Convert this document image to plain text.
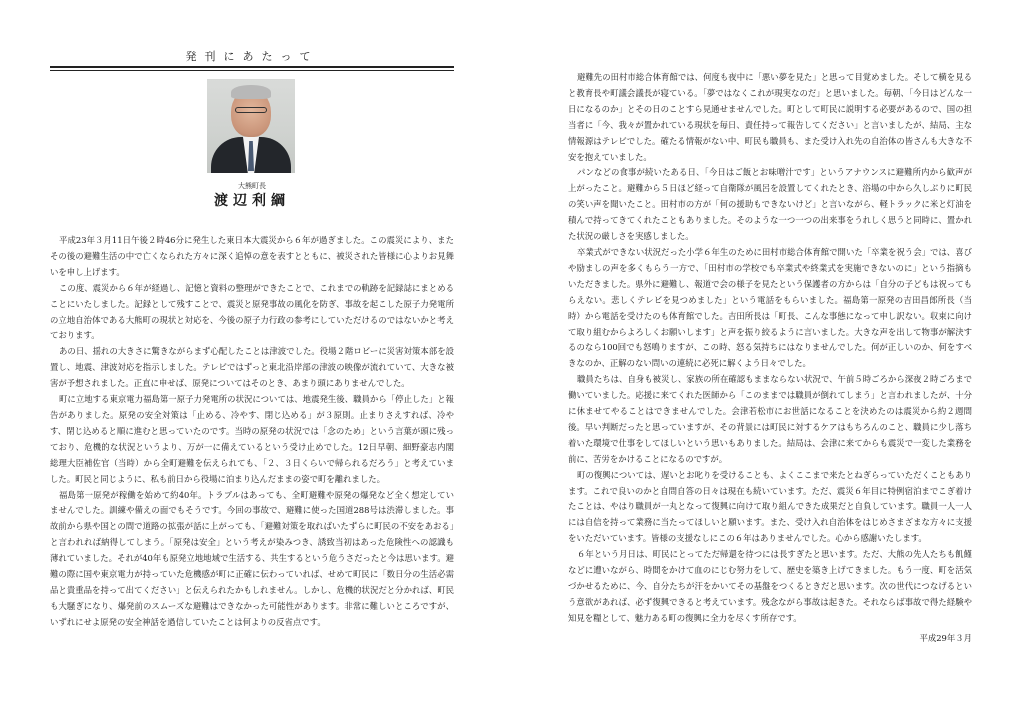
発刊にあたって
大熊町長
渡辺利綱

平成23年３月11日午後２時46分に発生した東日本大震災から６年が過ぎました。この震災により、またその後の避難生活の中で亡くなられた方々に深く追悼の意を表すとともに、被災された皆様に心よりお見舞いを申し上げます。

この度、震災から６年が経過し、記憶と資料の整理ができたことで、これまでの軌跡を記録誌にまとめることにいたしました。記録として残すことで、震災と原発事故の風化を防ぎ、事故を起こした原子力発電所の立地自治体である大熊町の現状と対応を、今後の原子力行政の参考にしていただけるのではないかと考えております。

あの日、揺れの大きさに驚きながらまず心配したことは津波でした。役場２階ロビーに災害対策本部を設置し、地震、津波対応を指示しました。テレビではずっと東北沿岸部の津波の映像が流れていて、大きな被害が予想されました。正直に申せば、原発についてはそのとき、あまり頭にありませんでした。

町に立地する東京電力福島第一原子力発電所の状況については、地震発生後、職員から「停止した」と報告がありました。原発の安全対策は「止める、冷やす、閉じ込める」が３原則。止まりさえすれば、冷やす、閉じ込めると順に進むと思っていたのです。当時の原発の状況では「念のため」という言葉が頭に残っており、危機的な状況というより、万が一に備えているという受け止めでした。12日早朝、細野豪志内閣総理大臣補佐官（当時）から全町避難を伝えられても、「２、３日くらいで帰られるだろう」と考えていました。町民と同じように、私も前日から役場に泊まり込んだままの姿で町を離れました。

福島第一原発が稼働を始めて約40年。トラブルはあっても、全町避難や原発の爆発など全く想定していませんでした。訓練や備えの面でもそうです。今回の事故で、避難に使った国道288号は渋滞しました。事故前から県や国との間で道路の拡張が話に上がっても、「避難対策を取ればいたずらに町民の不安をあおる」と言われれば納得してしまう。「原発は安全」という考えが染みつき、誘致当初はあった危険性への認識も薄れていました。それが40年も原発立地地域で生活する、共生するという危うさだったと今は思います。避難の際に国や東京電力が持っていた危機感が町に正確に伝わっていれば、せめて町民に「数日分の生活必需品と貴重品を持って出てください」と伝えられたかもしれません。しかし、危機的状況だと分かれば、町民も大騒ぎになり、爆発前のスムーズな避難はできなかった可能性があります。非常に難しいところですが、いずれにせよ原発の安全神話を過信していたことは何よりの反省点です。

避難先の田村市総合体育館では、何度も夜中に「悪い夢を見た」と思って目覚めました。そして横を見ると教育長や町議会議長が寝ている。「夢ではなくこれが現実なのだ」と思いました。毎朝、「今日はどんな一日になるのか」とその日のことすら見通せませんでした。町として町民に説明する必要があるので、国の担当者に「今、我々が置かれている現状を毎日、責任持って報告してください」と言いましたが、結局、主な情報源はテレビでした。確たる情報がない中、町民も職員も、また受け入れ先の自治体の皆さんも大きな不安を抱えていました。

パンなどの食事が続いたある日、「今日はご飯とお味噌汁です」というアナウンスに避難所内から歓声が上がったこと。避難から５日ほど経って自衛隊が風呂を設置してくれたとき、浴場の中から久しぶりに町民の笑い声を聞いたこと。田村市の方が「何の援助もできないけど」と言いながら、軽トラックに米と灯油を積んで持ってきてくれたこともありました。そのような一つ一つの出来事をうれしく思うと同時に、置かれた状況の厳しさを実感しました。

卒業式ができない状況だった小学６年生のために田村市総合体育館で開いた「卒業を祝う会」では、喜びや励ましの声を多くもらう一方で、「田村市の学校でも卒業式や終業式を実施できないのに」という指摘もいただきました。県外に避難し、報道で会の様子を見たという保護者の方からは「自分の子どもは祝ってもらえない。悲しくテレビを見つめました」という電話をもらいました。福島第一原発の吉田昌郎所長（当時）から電話を受けたのも体育館でした。吉田所長は「町長、こんな事態になって申し訳ない。収束に向けて取り組むからよろしくお願いします」と声を振り絞るように言いました。大きな声を出して物事が解決するのなら100回でも怒鳴りますが、この時、怒る気持ちにはなりませんでした。何が正しいのか、何をすべきなのか、正解のない問いの連続に必死に解くよう日々でした。

職員たちは、自身も被災し、家族の所在確認もままならない状況で、午前５時ごろから深夜２時ごろまで働いていました。応援に来てくれた医師から「このままでは職員が倒れてしまう」と言われましたが、十分に休ませてやることはできませんでした。会津若松市にお世話になることを決めたのは震災から約２週間後。早い判断だったと思っていますが、その背景には町民に対するケアはもちろんのこと、職員に少し落ち着いた環境で仕事をしてほしいという思いもありました。結局は、会津に来てからも震災で一変した業務を前に、苦労をかけることになるのですが。

町の復興については、遅いとお叱りを受けることも、よくここまで来たとねぎらっていただくこともあります。これで良いのかと自問自答の日々は現在も続いています。ただ、震災６年目に特例宿泊までこぎ着けたことは、やはり職員が一丸となって復興に向けて取り組んできた成果だと自負しています。職員一人一人には自信を持って業務に当たってほしいと願います。また、受け入れ自治体をはじめさまざまな方々に支援をいただいています。皆様の支援なしにこの６年はありませんでした。心から感謝いたします。

６年という月日は、町民にとってただ帰還を待つには長すぎたと思います。ただ、大熊の先人たちも飢饉などに遭いながら、時間をかけて血のにじむ努力をして、歴史を築き上げてきました。もう一度、町を活気づかせるために、今、自分たちが汗をかいてその基盤をつくるときだと思います。次の世代につなげるという意欲があれば、必ず復興できると考えています。残念ながら事故は起きた。それならば事故で得た経験や知見を糧として、魅力ある町の復興に全力を尽くす所存です。

平成29年３月
